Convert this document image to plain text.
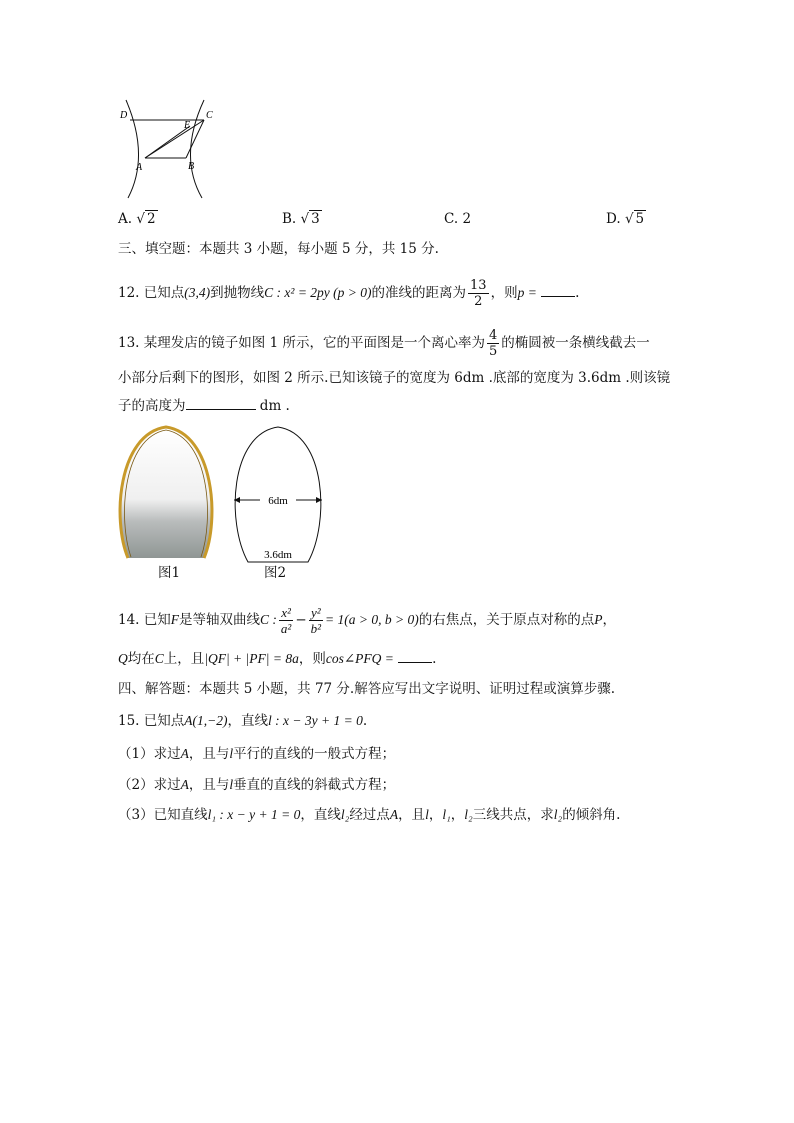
D	C
E
A	B
A. √ 2	B. √ 3	C. 2	D. √ 5
三、填空题：本题共 3 小题，每小题 5 分，共 15 分.
12. 已知点(3,4)到抛物线C : x² = 2py (p > 0)的准线的距离为 $\frac{13}{2}$ ，则p =	.
13. 某理发店的镜子如图 1 所示，它的平面图是一个离心率为 $\frac{4}{5}$ 的椭圆被一条横线截去一
小部分后剩下的图形，如图 2 所示.已知该镜子的宽度为 6dm .底部的宽度为 3.6dm .则该镜
子的高度为	dm .
图1
6dm
3.6dm
图2
14. 已知F是等轴双曲线C : $\frac{\text{x²}}{\text{a²}} - \frac{\text{y²}}{\text{b²}} = 1(a > 0$, b > 0)的右焦点，关于原点对称的点P，
Q均在C上，且|QF| + |PF| = 8a，则cos∠PFQ =	.
四、解答题：本题共 5 小题，共 77 分.解答应写出文字说明、证明过程或演算步骤.
15. 已知点A(1,−2)，直线l : x − 3y + 1 = 0.
（1）求过A，且与l平行的直线的一般式方程；
（2）求过A，且与l垂直的直线的斜截式方程；
（3）已知直线l₁ : x − y + 1 = 0，直线l₂经过点A，且l，l₁，l₂三线共点，求l₂的倾斜角.
